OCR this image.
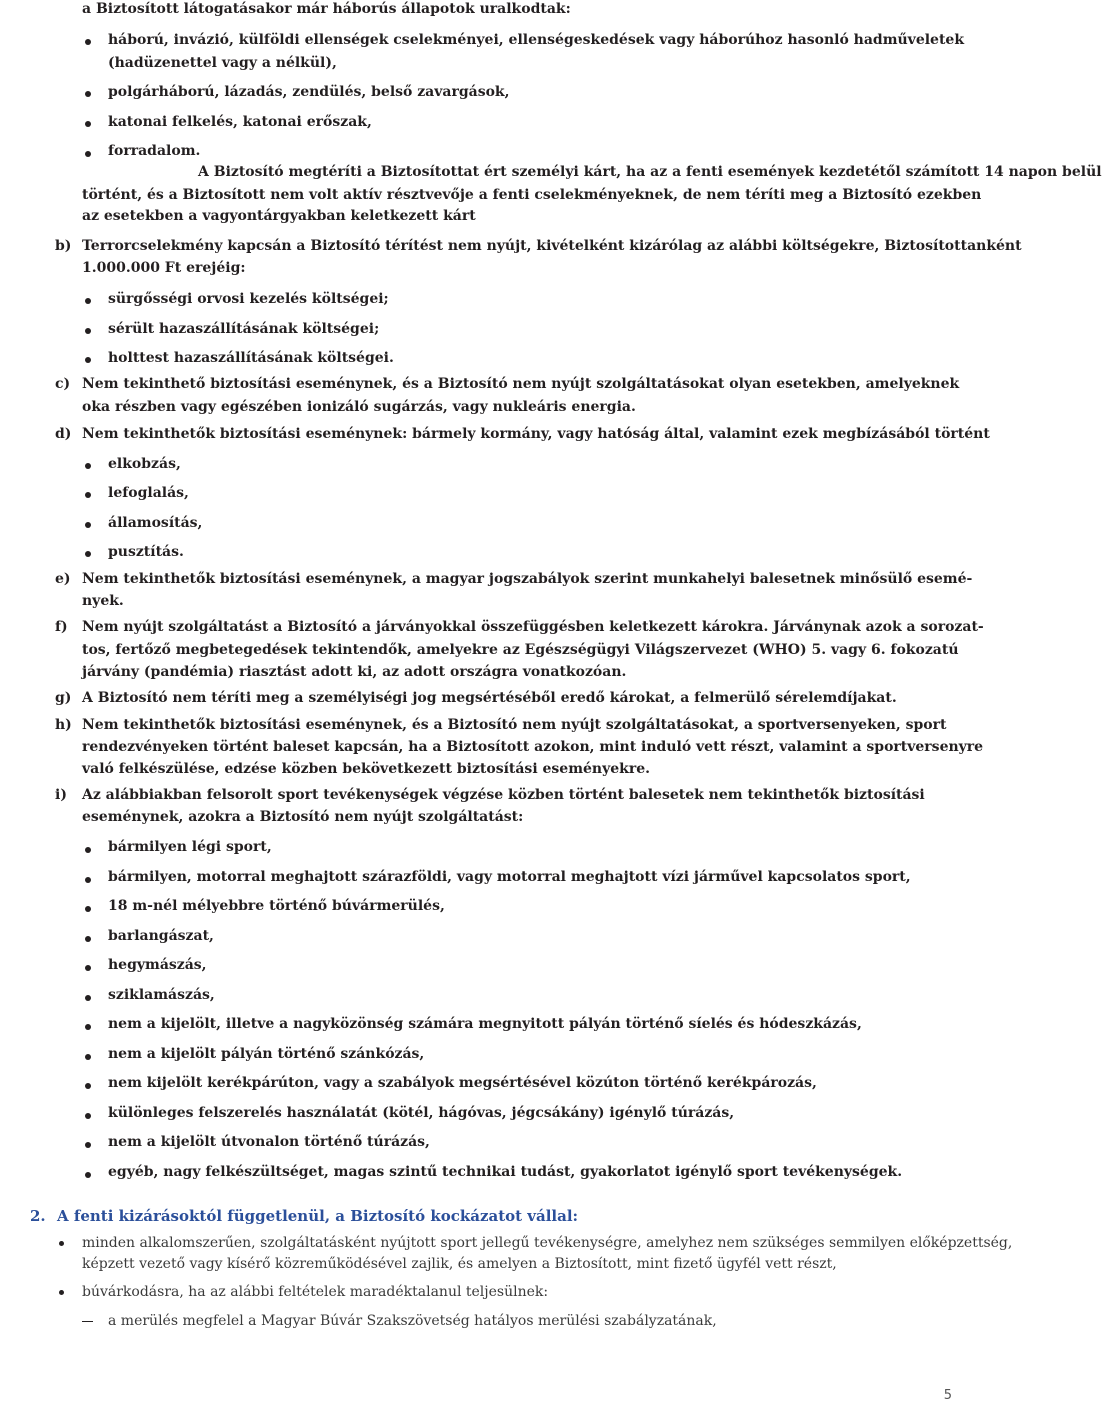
a Biztosított látogatásakor már háborús állapotok uralkodtak:
háború, invázió, külföldi ellenségek cselekményei, ellenségeskedések vagy háborúhoz hasonló hadműveletek
(hadüzenettel vagy a nélkül),
polgárháború, lázadás, zendülés, belső zavargások,
katonai felkelés, katonai erőszak,
forradalom.
A Biztosító megtéríti a Biztosítottat ért személyi kárt, ha az a fenti események kezdetétől számított 14 napon belül
történt, és a Biztosított nem volt aktív résztvevője a fenti cselekményeknek, de nem téríti meg a Biztosító ezekben
az esetekben a vagyontárgyakban keletkezett kárt
b) Terrorcselekmény kapcsán a Biztosító térítést nem nyújt, kivételként kizárólag az alábbi költségekre, Biztosítottanként
1.000.000 Ft erejéig:
sürgősségi orvosi kezelés költségei;
sérült hazaszállításának költségei;
holttest hazaszállításának költségei.
c) Nem tekinthető biztosítási eseménynek, és a Biztosító nem nyújt szolgáltatásokat olyan esetekben, amelyeknek
oka részben vagy egészében ionizáló sugárzás, vagy nukleáris energia.
d) Nem tekinthetők biztosítási eseménynek: bármely kormány, vagy hatóság által, valamint ezek megbízásából történt
elkobzás,
lefoglalás,
államosítás,
pusztítás.
e) Nem tekinthetők biztosítási eseménynek, a magyar jogszabályok szerint munkahelyi balesetnek minősülő esemé-
nyek.
f) Nem nyújt szolgáltatást a Biztosító a járványokkal összefüggésben keletkezett károkra. Járványnak azok a sorozat-
tos, fertőző megbetegedések tekintendők, amelyekre az Egészségügyi Világszervezet (WHO) 5. vagy 6. fokozatú
járvány (pandémia) riasztást adott ki, az adott országra vonatkozóan.
g) A Biztosító nem téríti meg a személyiségi jog megsértéséből eredő károkat, a felmerülő sérelemdíjakat.
h) Nem tekinthetők biztosítási eseménynek, és a Biztosító nem nyújt szolgáltatásokat, a sportversenyeken, sport
rendezvényeken történt baleset kapcsán, ha a Biztosított azokon, mint induló vett részt, valamint a sportversenyre
való felkészülése, edzése közben bekövetkezett biztosítási eseményekre.
i) Az alábbiakban felsorolt sport tevékenységek végzése közben történt balesetek nem tekinthetők biztosítási
eseménynek, azokra a Biztosító nem nyújt szolgáltatást:
bármilyen légi sport,
bármilyen, motorral meghajtott szárazföldi, vagy motorral meghajtott vízi járművel kapcsolatos sport,
18 m-nél mélyebbre történő búvármerülés,
barlangászat,
hegymászás,
sziklamászás,
nem a kijelölt, illetve a nagyközönség számára megnyitott pályán történő síelés és hódeszkázás,
nem a kijelölt pályán történő szánkózás,
nem kijelölt kerékpárúton, vagy a szabályok megsértésével közúton történő kerékpározás,
különleges felszerelés használatát (kötél, hágóvas, jégcsákány) igénylő túrázás,
nem a kijelölt útvonalon történő túrázás,
egyéb, nagy felkészültséget, magas szintű technikai tudást, gyakorlatot igénylő sport tevékenységek.
2. A fenti kizárásoktól függetlenül, a Biztosító kockázatot vállal:
minden alkalomszerűen, szolgáltatásként nyújtott sport jellegű tevékenységre, amelyhez nem szükséges semmilyen előképzettség,
képzett vezető vagy kísérő közreműködésével zajlik, és amelyen a Biztosított, mint fizető ügyfél vett részt,
búvárkodásra, ha az alábbi feltételek maradéktalanul teljesülnek:
a merülés megfelel a Magyar Búvár Szakszövetség hatályos merülési szabályzatának,
5
